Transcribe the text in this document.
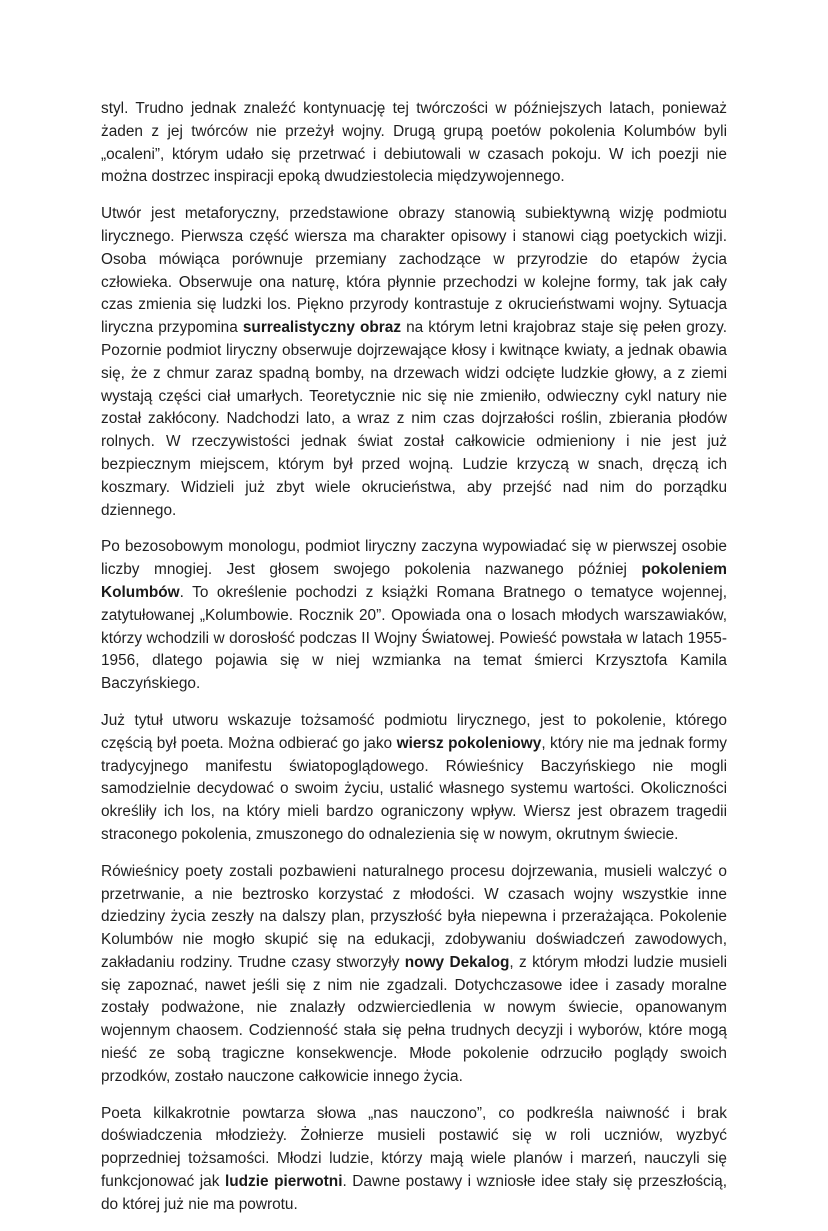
styl. Trudno jednak znaleźć kontynuację tej twórczości w późniejszych latach, ponieważ żaden z jej twórców nie przeżył wojny. Drugą grupą poetów pokolenia Kolumbów byli „ocaleni”, którym udało się przetrwać i debiutowali w czasach pokoju. W ich poezji nie można dostrzec inspiracji epoką dwudziestolecia międzywojennego.

Utwór jest metaforyczny, przedstawione obrazy stanowią subiektywną wizję podmiotu lirycznego. Pierwsza część wiersza ma charakter opisowy i stanowi ciąg poetyckich wizji. Osoba mówiąca porównuje przemiany zachodzące w przyrodzie do etapów życia człowieka. Obserwuje ona naturę, która płynnie przechodzi w kolejne formy, tak jak cały czas zmienia się ludzki los. Piękno przyrody kontrastuje z okrucieństwami wojny. Sytuacja liryczna przypomina surrealistyczny obraz na którym letni krajobraz staje się pełen grozy. Pozornie podmiot liryczny obserwuje dojrzewające kłosy i kwitnące kwiaty, a jednak obawia się, że z chmur zaraz spadną bomby, na drzewach widzi odcięte ludzkie głowy, a z ziemi wystają części ciał umarłych. Teoretycznie nic się nie zmieniło, odwieczny cykl natury nie został zakłócony. Nadchodzi lato, a wraz z nim czas dojrzałości roślin, zbierania płodów rolnych. W rzeczywistości jednak świat został całkowicie odmieniony i nie jest już bezpiecznym miejscem, którym był przed wojną. Ludzie krzyczą w snach, dręczą ich koszmary. Widzieli już zbyt wiele okrucieństwa, aby przejść nad nim do porządku dziennego.

Po bezosobowym monologu, podmiot liryczny zaczyna wypowiadać się w pierwszej osobie liczby mnogiej. Jest głosem swojego pokolenia nazwanego później pokoleniem Kolumbów. To określenie pochodzi z książki Romana Bratnego o tematyce wojennej, zatytułowanej „Kolumbowie. Rocznik 20”. Opowiada ona o losach młodych warszawiaków, którzy wchodzili w dorosłość podczas II Wojny Światowej. Powieść powstała w latach 1955-1956, dlatego pojawia się w niej wzmianka na temat śmierci Krzysztofa Kamila Baczyńskiego.

Już tytuł utworu wskazuje tożsamość podmiotu lirycznego, jest to pokolenie, którego częścią był poeta. Można odbierać go jako wiersz pokoleniowy, który nie ma jednak formy tradycyjnego manifestu światopoglądowego. Rówieśnicy Baczyńskiego nie mogli samodzielnie decydować o swoim życiu, ustalić własnego systemu wartości. Okoliczności określiły ich los, na który mieli bardzo ograniczony wpływ. Wiersz jest obrazem tragedii straconego pokolenia, zmuszonego do odnalezienia się w nowym, okrutnym świecie.

Rówieśnicy poety zostali pozbawieni naturalnego procesu dojrzewania, musieli walczyć o przetrwanie, a nie beztrosko korzystać z młodości. W czasach wojny wszystkie inne dziedziny życia zeszły na dalszy plan, przyszłość była niepewna i przerażająca. Pokolenie Kolumbów nie mogło skupić się na edukacji, zdobywaniu doświadczeń zawodowych, zakładaniu rodziny. Trudne czasy stworzyły nowy Dekalog, z którym młodzi ludzie musieli się zapoznać, nawet jeśli się z nim nie zgadzali. Dotychczasowe idee i zasady moralne zostały podważone, nie znalazły odzwierciedlenia w nowym świecie, opanowanym wojennym chaosem. Codzienność stała się pełna trudnych decyzji i wyborów, które mogą nieść ze sobą tragiczne konsekwencje. Młode pokolenie odrzuciło poglądy swoich przodków, zostało nauczone całkowicie innego życia.

Poeta kilkakrotnie powtarza słowa „nas nauczono”, co podkreśla naiwność i brak doświadczenia młodzieży. Żołnierze musieli postawić się w roli uczniów, wyzbyć poprzedniej tożsamości. Młodzi ludzie, którzy mają wiele planów i marzeń, nauczyli się funkcjonować jak ludzie pierwotni. Dawne postawy i wzniosłe idee stały się przeszłością, do której już nie ma powrotu.
